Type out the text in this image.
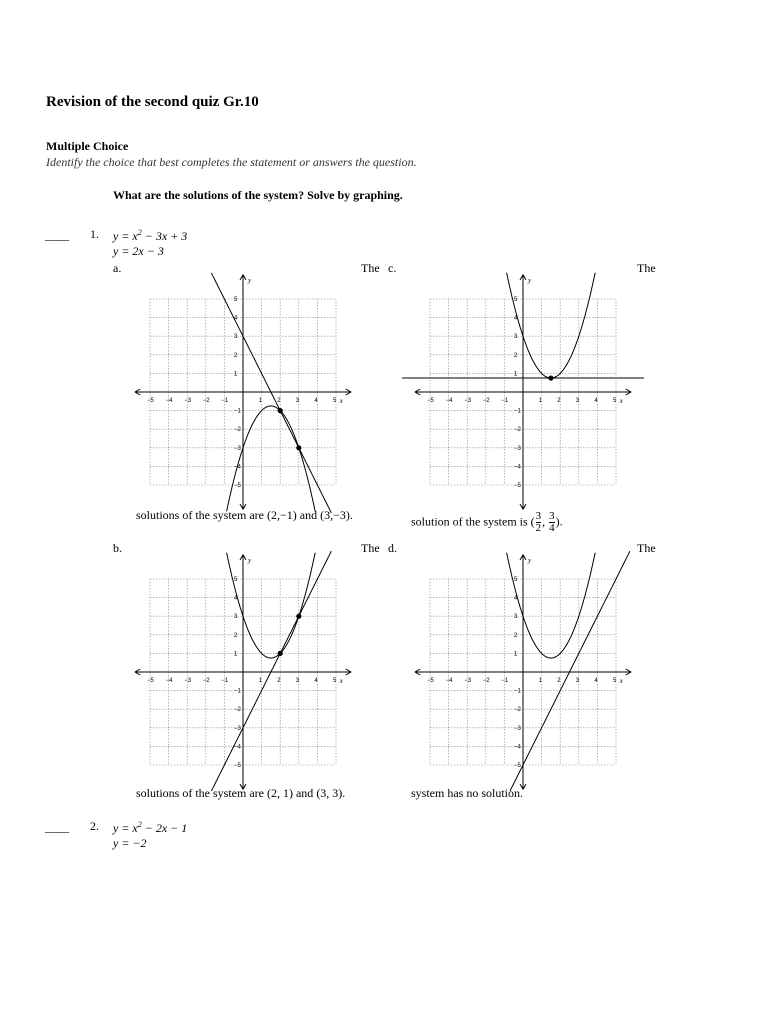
Revision of the second quiz Gr.10
Multiple Choice
Identify the choice that best completes the statement or answers the question.
What are the solutions of the system? Solve by graphing.
____ 1. $y = x^2 - 3x + 3$
y = 2x − 3
a.	The c.	The
b.	The d.	The
x
y
−5 −4 −3 −2 −1	1	2	3	4	5
5
4
3
2
1
−1
−2
−3
−4
−5
x
y
−5 −4 −3 −2 −1	1	2	3	4	5
5
4
3
2
1
−1
−2
−3
−4
−5
x
y
−5 −4 −3 −2 −1	1	2	3	4	5
5
4
3
2
1
−1
−2
−3
−4
−5
x
y
−5 −4 −3 −2 −1	1	2	3	4	5
5
4
3
2
1
−1
−2
−3
−4
−5
solutions of the system are (2,−1) and (3,−3).	solution of the system is ( $\frac{3}{2}$ , $\frac{3}{4}$ ).
solutions of the system are (2, 1) and (3, 3).	system has no solution.
____ 2. $y = x^2 - 2x - 1$
y = −2
